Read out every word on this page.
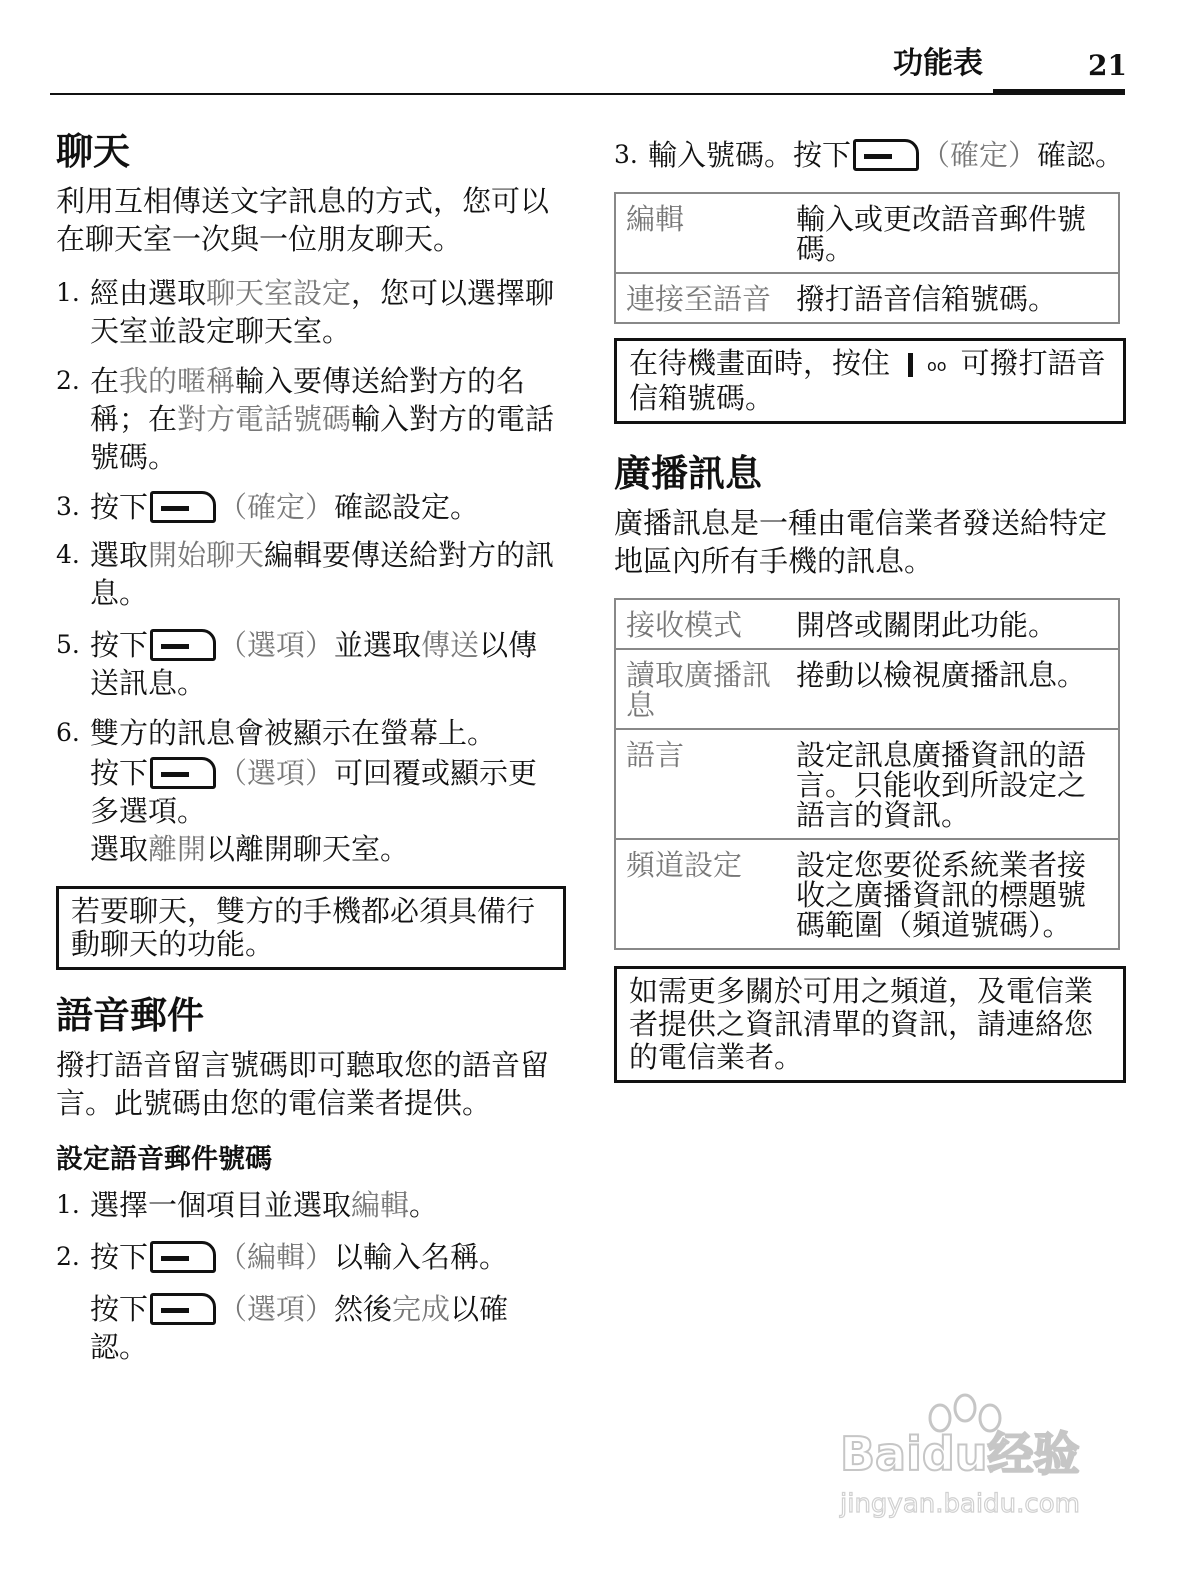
功能表	21
聊天
利用互相傳送文字訊息的方式，您可以在聊天室一次與一位朋友聊天。
1. 經由選取聊天室設定，您可以選擇聊天室並設定聊天室。
2. 在我的暱稱輸入要傳送給對方的名稱；在對方電話號碼輸入對方的電話號碼。
3. 按下 （確定）確認設定。
4. 選取開始聊天編輯要傳送給對方的訊息。
5. 按下 （選項）並選取傳送以傳送訊息。
6. 雙方的訊息會被顯示在螢幕上。
按下 （選項）可回覆或顯示更多選項。
選取離開以離開聊天室。
若要聊天，雙方的手機都必須具備行動聊天的功能。
語音郵件
撥打語音留言號碼即可聽取您的語音留言。此號碼由您的電信業者提供。
設定語音郵件號碼
1. 選擇一個項目並選取編輯。
2. 按下 （編輯）以輸入名稱。
按下 （選項）然後完成以確認。
3. 輸入號碼。按下 （確定）確認。
編輯	輸入或更改語音郵件號碼。
連接至語音	撥打語音信箱號碼。
在待機畫面時，按住 oo 可撥打語音信箱號碼。
廣播訊息
廣播訊息是一種由電信業者發送給特定地區內所有手機的訊息。
接收模式	開啓或關閉此功能。
讀取廣播訊息	捲動以檢視廣播訊息。
語言	設定訊息廣播資訊的語言。只能收到所設定之語言的資訊。
頻道設定	設定您要從系統業者接收之廣播資訊的標題號碼範圍（頻道號碼）。
如需更多關於可用之頻道，及電信業者提供之資訊清單的資訊，請連絡您的電信業者。
Baidu经验
jingyan.baidu.com
